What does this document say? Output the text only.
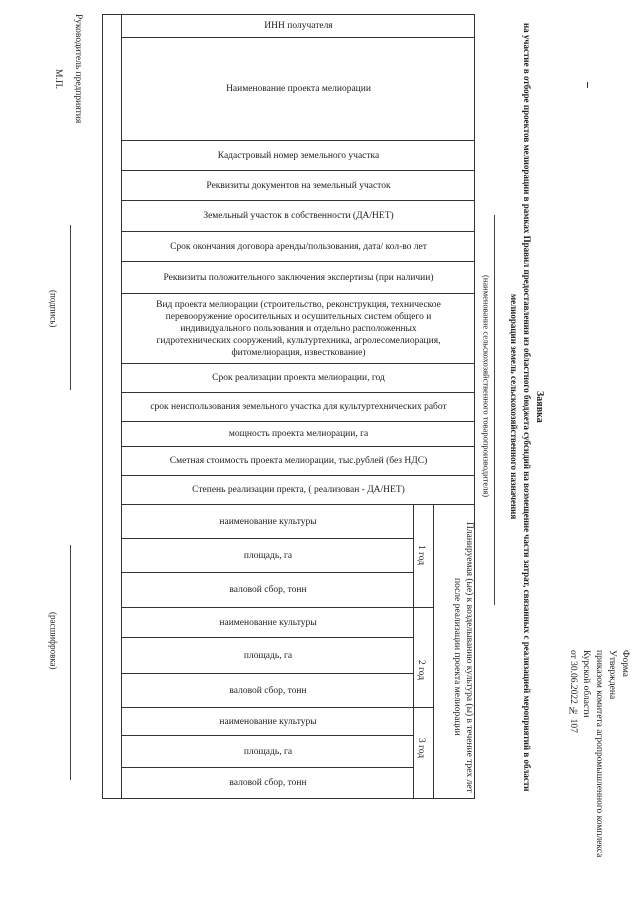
Форма
Утверждена
приказом комитета агропромышленного комплекса
Курской области
от 30.06.2022 № 107
Заявка
на участие в отборе проектов мелиорации в рамках Правил предоставления из областного бюджета субсидий на возмещение части затрат, связанных с реализацией мероприятий в области
мелиорации земель сельскохозяйственного назначения
(наименование сельскохозяйственного товаропроизводителя)
Руководитель предприятия
М.П.
(подпись)
(расшифровка)
ИНН получателя
Наименование проекта мелиорации
Кадастровый номер земельного участка
Реквизиты документов на земельный участок
Земельный участок в собственности (ДА/НЕТ)
Срок окончания договора аренды/пользования, дата/ кол-во лет
Реквизиты положительного заключения экспертизы (при наличии)
Вид проекта мелиорации (строительство, реконструкция, техническое перевооружение оросительных и осушительных систем общего и индивидуального пользования и отдельно расположенных гидротехнических сооружений, культуртехника, агролесомелиорация, фитомелиорация, известкование)
Срок реализации проекта мелиорации, год
срок неиспользования земельного участка для культуртехнических работ
мощность проекта мелиорации, га
Сметная стоимость проекта мелиорации, тыс.рублей (без НДС)
Степень реализации пректа, ( реализован - ДА/НЕТ)
наименование культуры
площадь, га
валовой сбор, тонн
наименование культуры
площадь, га
валовой сбор, тонн
наименование культуры
площадь, га
валовой сбор, тонн
1 год
2 год
3 год	Планируемая (ые) к возделыванию культура (ы) в течение трех лет после реализации проекта мелиорации
